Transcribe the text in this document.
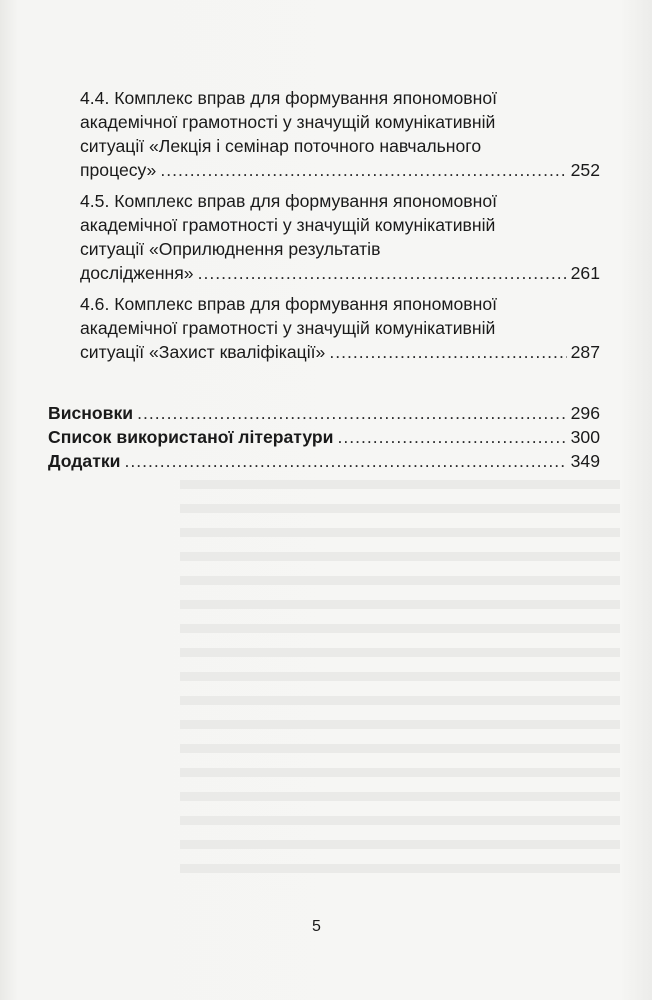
4.4. Комплекс вправ для формування япономовної
академічної грамотності у значущій комунікативній
ситуації «Лекція і семінар поточного навчального
процесу» .....	252
4.5. Комплекс вправ для формування япономовної
академічної грамотності у значущій комунікативній
ситуації «Оприлюднення результатів
дослідження» .....	261
4.6. Комплекс вправ для формування япономовної
академічної грамотності у значущій комунікативній
ситуації «Захист кваліфікації» .....	287
Висновки .....	296
Список використаної літератури .....	300
Додатки .....	349
5
